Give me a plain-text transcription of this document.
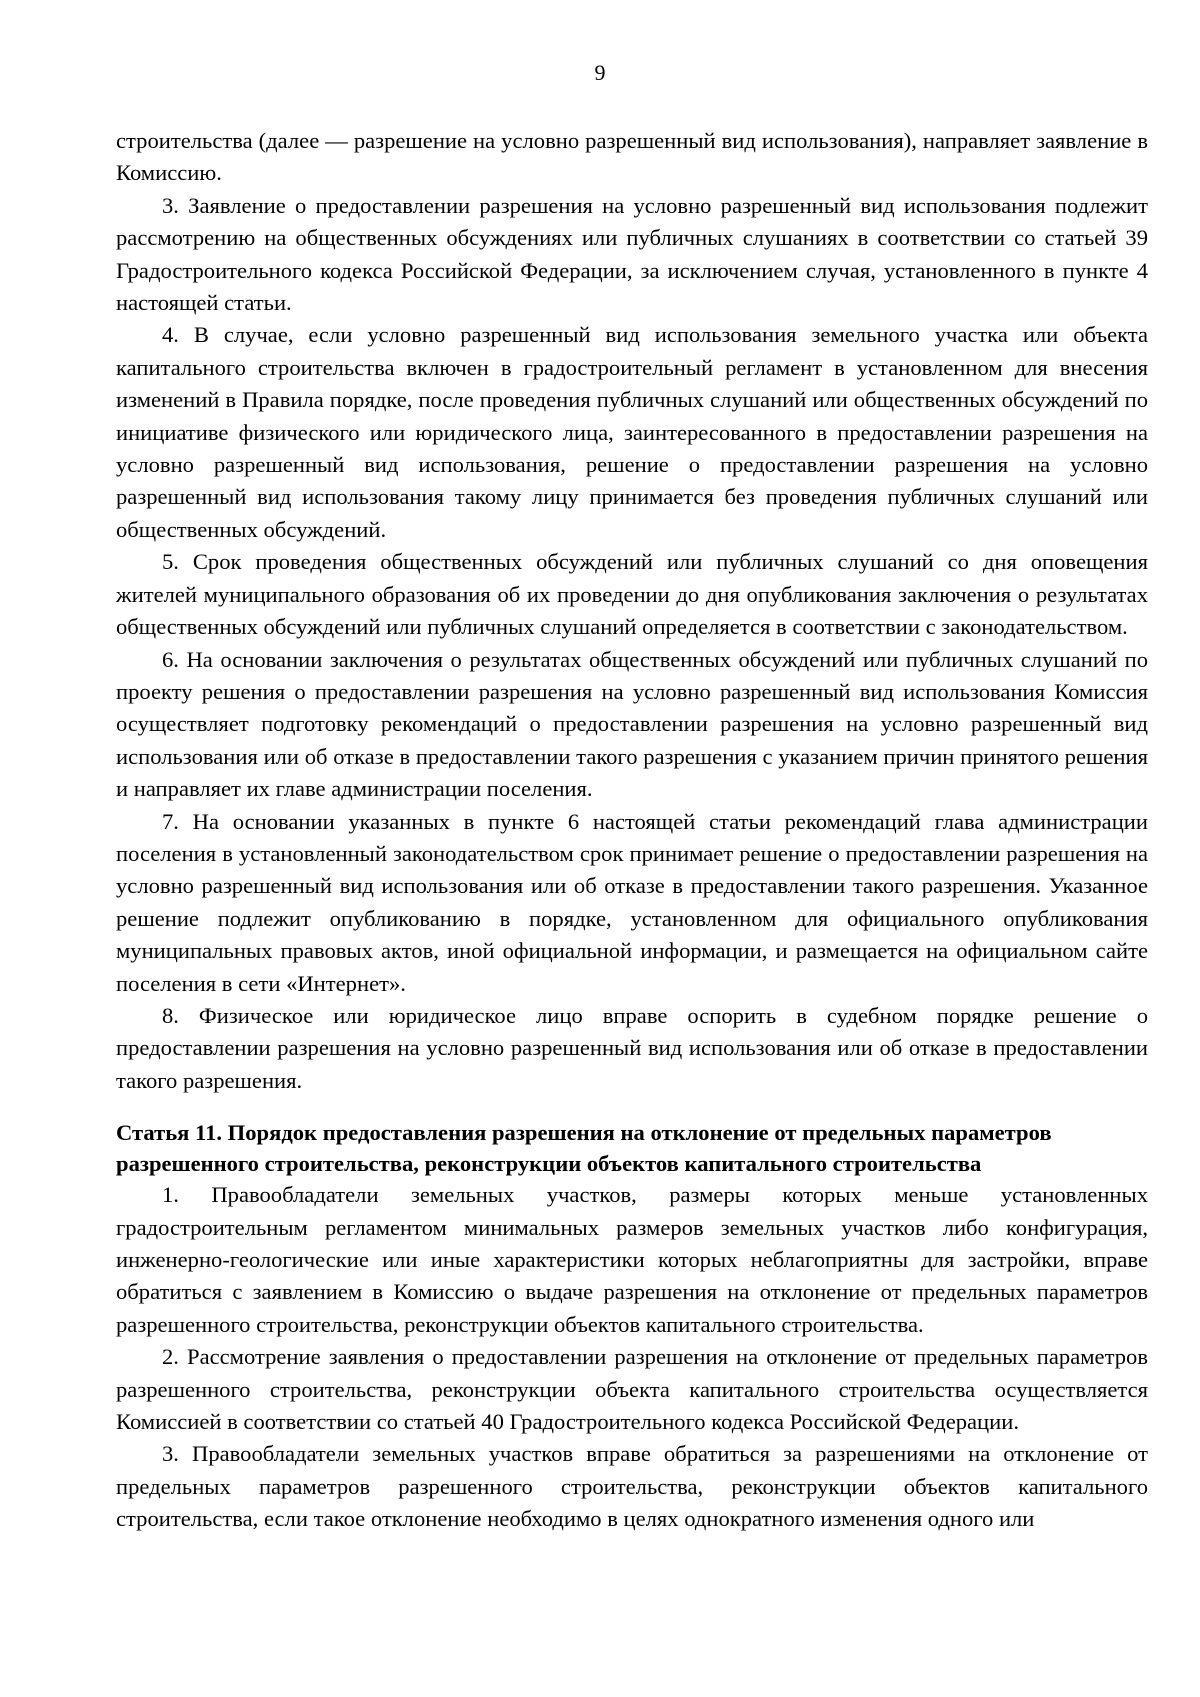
9

строительства (далее — разрешение на условно разрешенный вид использования), направляет заявление в Комиссию.

3. Заявление о предоставлении разрешения на условно разрешенный вид использования подлежит рассмотрению на общественных обсуждениях или публичных слушаниях в соответствии со статьей 39 Градостроительного кодекса Российской Федерации, за исключением случая, установленного в пункте 4 настоящей статьи.

4. В случае, если условно разрешенный вид использования земельного участка или объекта капитального строительства включен в градостроительный регламент в установленном для внесения изменений в Правила порядке, после проведения публичных слушаний или общественных обсуждений по инициативе физического или юридического лица, заинтересованного в предоставлении разрешения на условно разрешенный вид использования, решение о предоставлении разрешения на условно разрешенный вид использования такому лицу принимается без проведения публичных слушаний или общественных обсуждений.

5. Срок проведения общественных обсуждений или публичных слушаний со дня оповещения жителей муниципального образования об их проведении до дня опубликования заключения о результатах общественных обсуждений или публичных слушаний определяется в соответствии с законодательством.

6. На основании заключения о результатах общественных обсуждений или публичных слушаний по проекту решения о предоставлении разрешения на условно разрешенный вид использования Комиссия осуществляет подготовку рекомендаций о предоставлении разрешения на условно разрешенный вид использования или об отказе в предоставлении такого разрешения с указанием причин принятого решения и направляет их главе администрации поселения.

7. На основании указанных в пункте 6 настоящей статьи рекомендаций глава администрации поселения в установленный законодательством срок принимает решение о предоставлении разрешения на условно разрешенный вид использования или об отказе в предоставлении такого разрешения. Указанное решение подлежит опубликованию в порядке, установленном для официального опубликования муниципальных правовых актов, иной официальной информации, и размещается на официальном сайте поселения в сети «Интернет».

8. Физическое или юридическое лицо вправе оспорить в судебном порядке решение о предоставлении разрешения на условно разрешенный вид использования или об отказе в предоставлении такого разрешения.

Статья 11. Порядок предоставления разрешения на отклонение от предельных параметров разрешенного строительства, реконструкции объектов капитального строительства

1. Правообладатели земельных участков, размеры которых меньше установленных градостроительным регламентом минимальных размеров земельных участков либо конфигурация, инженерно-геологические или иные характеристики которых неблагоприятны для застройки, вправе обратиться с заявлением в Комиссию о выдаче разрешения на отклонение от предельных параметров разрешенного строительства, реконструкции объектов капитального строительства.

2. Рассмотрение заявления о предоставлении разрешения на отклонение от предельных параметров разрешенного строительства, реконструкции объекта капитального строительства осуществляется Комиссией в соответствии со статьей 40 Градостроительного кодекса Российской Федерации.

3. Правообладатели земельных участков вправе обратиться за разрешениями на отклонение от предельных параметров разрешенного строительства, реконструкции объектов капитального строительства, если такое отклонение необходимо в целях однократного изменения одного или
